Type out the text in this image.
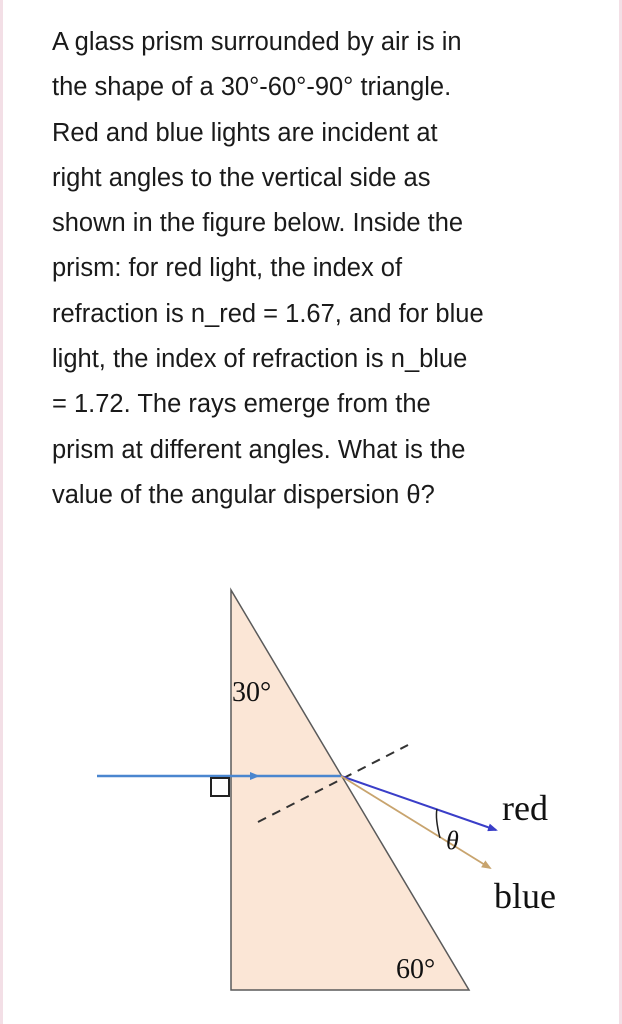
A glass prism surrounded by air is in
the shape of a 30°-60°-90° triangle.
Red and blue lights are incident at
right angles to the vertical side as
shown in the figure below. Inside the
prism: for red light, the index of
refraction is n_red = 1.67, and for blue
light, the index of refraction is n_blue
= 1.72. The rays emerge from the
prism at different angles. What is the
value of the angular dispersion θ?
30°
60°
θ
red
blue
